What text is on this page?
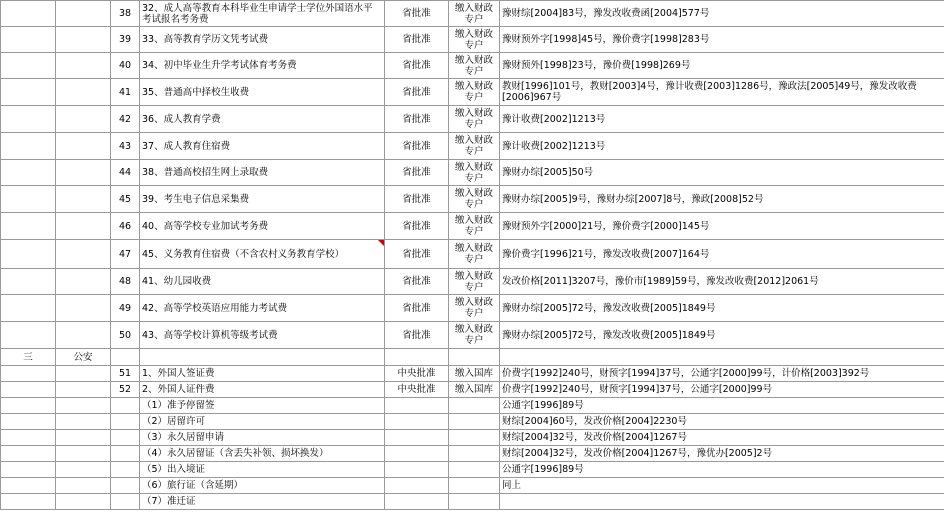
		38	32、成人高等教育本科毕业生申请学士学位外国语水平考试报名考务费	省批准	缴入财政专户	豫财综[2004]83号，豫发改收费函[2004]577号
		39	33、高等教育学历文凭考试费	省批准	缴入财政专户	豫财预外字[1998]45号，豫价费字[1998]283号
		40	34、初中毕业生升学考试体育考务费	省批准	缴入财政专户	豫财预外[1998]23号，豫价费[1998]269号
		41	35、普通高中择校生收费	省批准	缴入财政专户	教财[1996]101号，教财[2003]4号，豫计收费[2003]1286号，豫政法[2005]49号，豫发改收费[2006]967号
		42	36、成人教育学费	省批准	缴入财政专户	豫计收费[2002]1213号
		43	37、成人教育住宿费	省批准	缴入财政专户	豫计收费[2002]1213号
		44	38、普通高校招生网上录取费	省批准	缴入财政专户	豫财办综[2005]50号
		45	39、考生电子信息采集费	省批准	缴入财政专户	豫财办综[2005]9号，豫财办综[2007]8号，豫政[2008]52号
		46	40、高等学校专业加试考务费	省批准	缴入财政专户	豫财预外字[2000]21号，豫价费字[2000]145号
		47	45、义务教育住宿费（不含农村义务教育学校）	省批准	缴入财政专户	豫价费字[1996]21号，豫发改收费[2007]164号
		48	41、幼儿园收费	省批准	缴入财政专户	发改价格[2011]3207号，豫价市[1989]59号，豫发改收费[2012]2061号
		49	42、高等学校英语应用能力考试费	省批准	缴入财政专户	豫财办综[2005]72号，豫发改收费[2005]1849号
		50	43、高等学校计算机等级考试费	省批准	缴入财政专户	豫财办综[2005]72号，豫发改收费[2005]1849号
三	公安					
		51	1、外国人签证费	中央批准	缴入国库	价费字[1992]240号，财预字[1994]37号，公通字[2000]99号，计价格[2003]392号
		52	2、外国人证件费	中央批准	缴入国库	价费字[1992]240号，财预字[1994]37号，公通字[2000]99号
			（1）准予停留签			公通字[1996]89号
			（2）居留许可			财综[2004]60号，发改价格[2004]2230号
			（3）永久居留申请			财综[2004]32号，发改价格[2004]1267号
			（4）永久居留证（含丢失补领、损坏换发）			财综[2004]32号，发改价格[2004]1267号，豫优办[2005]2号
			（5）出入境证			公通字[1996]89号
			（6）旅行证（含延期）			同上
			（7）准迁证			
